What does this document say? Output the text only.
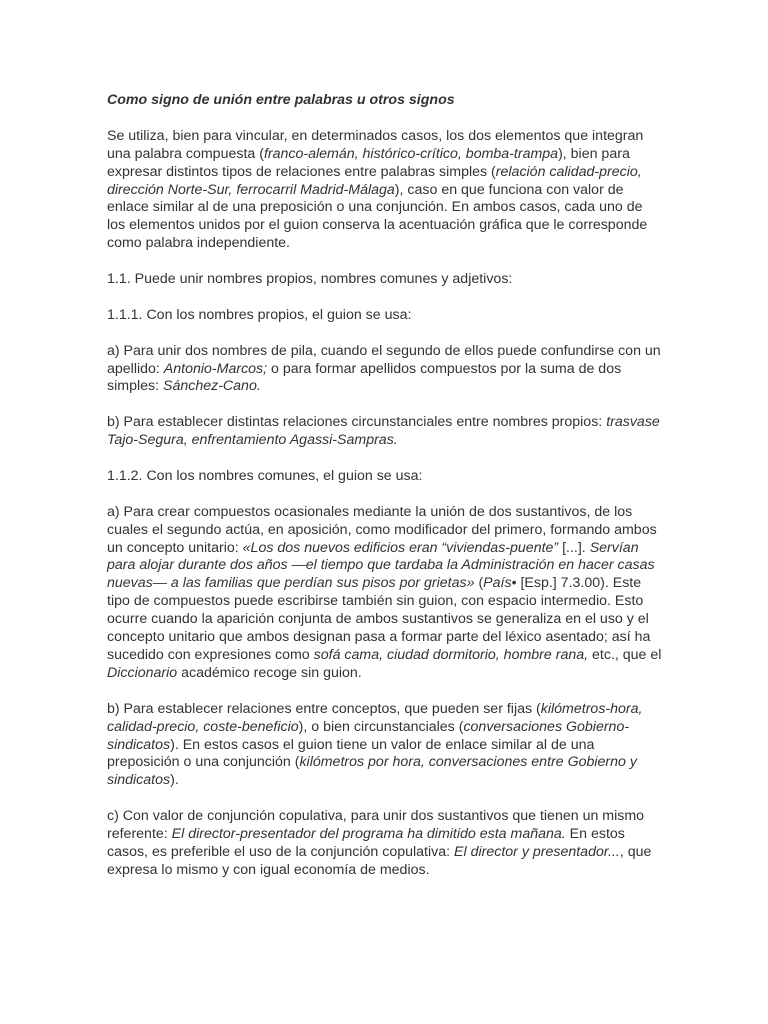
Como signo de unión entre palabras u otros signos

Se utiliza, bien para vincular, en determinados casos, los dos elementos que integran una palabra compuesta (franco-alemán, histórico-crítico, bomba-trampa), bien para expresar distintos tipos de relaciones entre palabras simples (relación calidad-precio, dirección Norte-Sur, ferrocarril Madrid-Málaga), caso en que funciona con valor de enlace similar al de una preposición o una conjunción. En ambos casos, cada uno de los elementos unidos por el guion conserva la acentuación gráfica que le corresponde como palabra independiente.

1.1. Puede unir nombres propios, nombres comunes y adjetivos:

1.1.1. Con los nombres propios, el guion se usa:

a) Para unir dos nombres de pila, cuando el segundo de ellos puede confundirse con un apellido: Antonio-Marcos; o para formar apellidos compuestos por la suma de dos simples: Sánchez-Cano.

b) Para establecer distintas relaciones circunstanciales entre nombres propios: trasvase Tajo-Segura, enfrentamiento Agassi-Sampras.

1.1.2. Con los nombres comunes, el guion se usa:

a) Para crear compuestos ocasionales mediante la unión de dos sustantivos, de los cuales el segundo actúa, en aposición, como modificador del primero, formando ambos un concepto unitario: «Los dos nuevos edificios eran “viviendas-puente” [...]. Servían para alojar durante dos años —el tiempo que tardaba la Administración en hacer casas nuevas— a las familias que perdían sus pisos por grietas» (País• [Esp.] 7.3.00). Este tipo de compuestos puede escribirse también sin guion, con espacio intermedio. Esto ocurre cuando la aparición conjunta de ambos sustantivos se generaliza en el uso y el concepto unitario que ambos designan pasa a formar parte del léxico asentado; así ha sucedido con expresiones como sofá cama, ciudad dormitorio, hombre rana, etc., que el Diccionario académico recoge sin guion.

b) Para establecer relaciones entre conceptos, que pueden ser fijas (kilómetros-hora, calidad-precio, coste-beneficio), o bien circunstanciales (conversaciones Gobierno-sindicatos). En estos casos el guion tiene un valor de enlace similar al de una preposición o una conjunción (kilómetros por hora, conversaciones entre Gobierno y sindicatos).

c) Con valor de conjunción copulativa, para unir dos sustantivos que tienen un mismo referente: El director-presentador del programa ha dimitido esta mañana. En estos casos, es preferible el uso de la conjunción copulativa: El director y presentador..., que expresa lo mismo y con igual economía de medios.
